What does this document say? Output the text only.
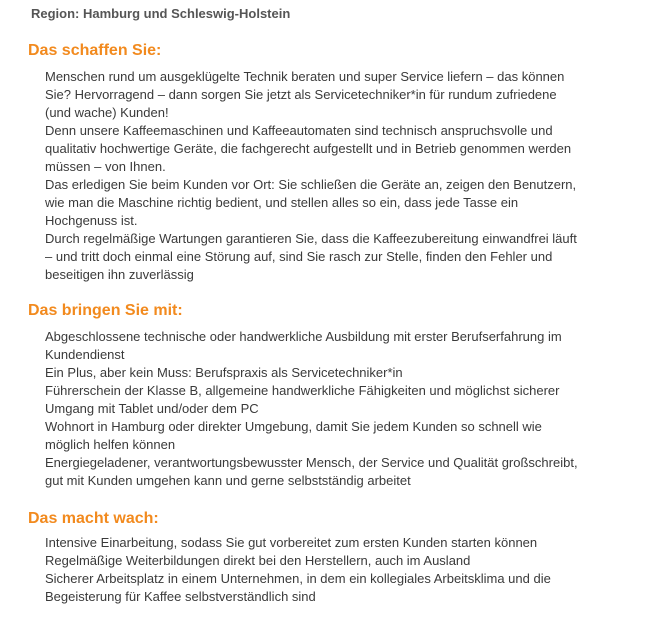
Region: Hamburg und Schleswig-Holstein
Das schaffen Sie:
Menschen rund um ausgeklügelte Technik beraten und super Service liefern – das können
Sie? Hervorragend – dann sorgen Sie jetzt als Servicetechniker*in für rundum zufriedene
(und wache) Kunden!
Denn unsere Kaffeemaschinen und Kaffeeautomaten sind technisch anspruchsvolle und
qualitativ hochwertige Geräte, die fachgerecht aufgestellt und in Betrieb genommen werden
müssen – von Ihnen.
Das erledigen Sie beim Kunden vor Ort: Sie schließen die Geräte an, zeigen den Benutzern,
wie man die Maschine richtig bedient, und stellen alles so ein, dass jede Tasse ein
Hochgenuss ist.
Durch regelmäßige Wartungen garantieren Sie, dass die Kaffeezubereitung einwandfrei läuft
– und tritt doch einmal eine Störung auf, sind Sie rasch zur Stelle, finden den Fehler und
beseitigen ihn zuverlässig
Das bringen Sie mit:
Abgeschlossene technische oder handwerkliche Ausbildung mit erster Berufserfahrung im
Kundendienst
Ein Plus, aber kein Muss: Berufspraxis als Servicetechniker*in
Führerschein der Klasse B, allgemeine handwerkliche Fähigkeiten und möglichst sicherer
Umgang mit Tablet und/oder dem PC
Wohnort in Hamburg oder direkter Umgebung, damit Sie jedem Kunden so schnell wie
möglich helfen können
Energiegeladener, verantwortungsbewusster Mensch, der Service und Qualität großschreibt,
gut mit Kunden umgehen kann und gerne selbstständig arbeitet
Das macht wach:
Intensive Einarbeitung, sodass Sie gut vorbereitet zum ersten Kunden starten können
Regelmäßige Weiterbildungen direkt bei den Herstellern, auch im Ausland
Sicherer Arbeitsplatz in einem Unternehmen, in dem ein kollegiales Arbeitsklima und die
Begeisterung für Kaffee selbstverständlich sind
